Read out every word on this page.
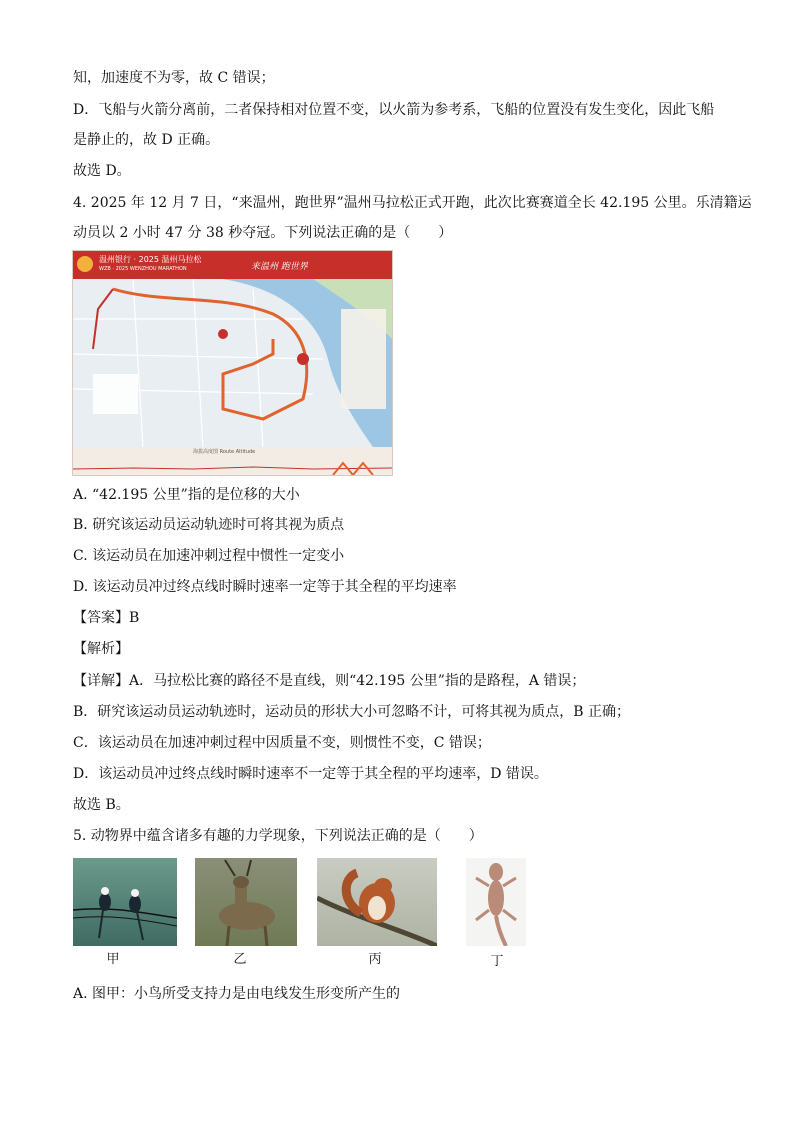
知，加速度不为零，故 C 错误；
D．飞船与火箭分离前，二者保持相对位置不变，以火箭为参考系，飞船的位置没有发生变化，因此飞船
是静止的，故 D 正确。
故选 D。
4. 2025 年 12 月 7 日，“来温州，跑世界”温州马拉松正式开跑，此次比赛赛道全长 42.195 公里。乐清籍运
动员以 2 小时 47 分 38 秒夺冠。下列说法正确的是（　　）
温州银行 · 2025 温州马拉松
WZB · 2025 WENZHOU MARATHON	来温州 跑世界
海拔高度图 Route Altitude
A. “42.195 公里”指的是位移的大小
B. 研究该运动员运动轨迹时可将其视为质点
C. 该运动员在加速冲刺过程中惯性一定变小
D. 该运动员冲过终点线时瞬时速率一定等于其全程的平均速率
【答案】B
【解析】
【详解】A．马拉松比赛的路径不是直线，则“42.195 公里”指的是路程，A 错误；
B．研究该运动员运动轨迹时，运动员的形状大小可忽略不计，可将其视为质点，B 正确；
C．该运动员在加速冲刺过程中因质量不变，则惯性不变，C 错误；
D．该运动员冲过终点线时瞬时速率不一定等于其全程的平均速率，D 错误。
故选 B。
5. 动物界中蕴含诸多有趣的力学现象，下列说法正确的是（　　）
甲	乙	丙	丁
A. 图甲：小鸟所受支持力是由电线发生形变所产生的
